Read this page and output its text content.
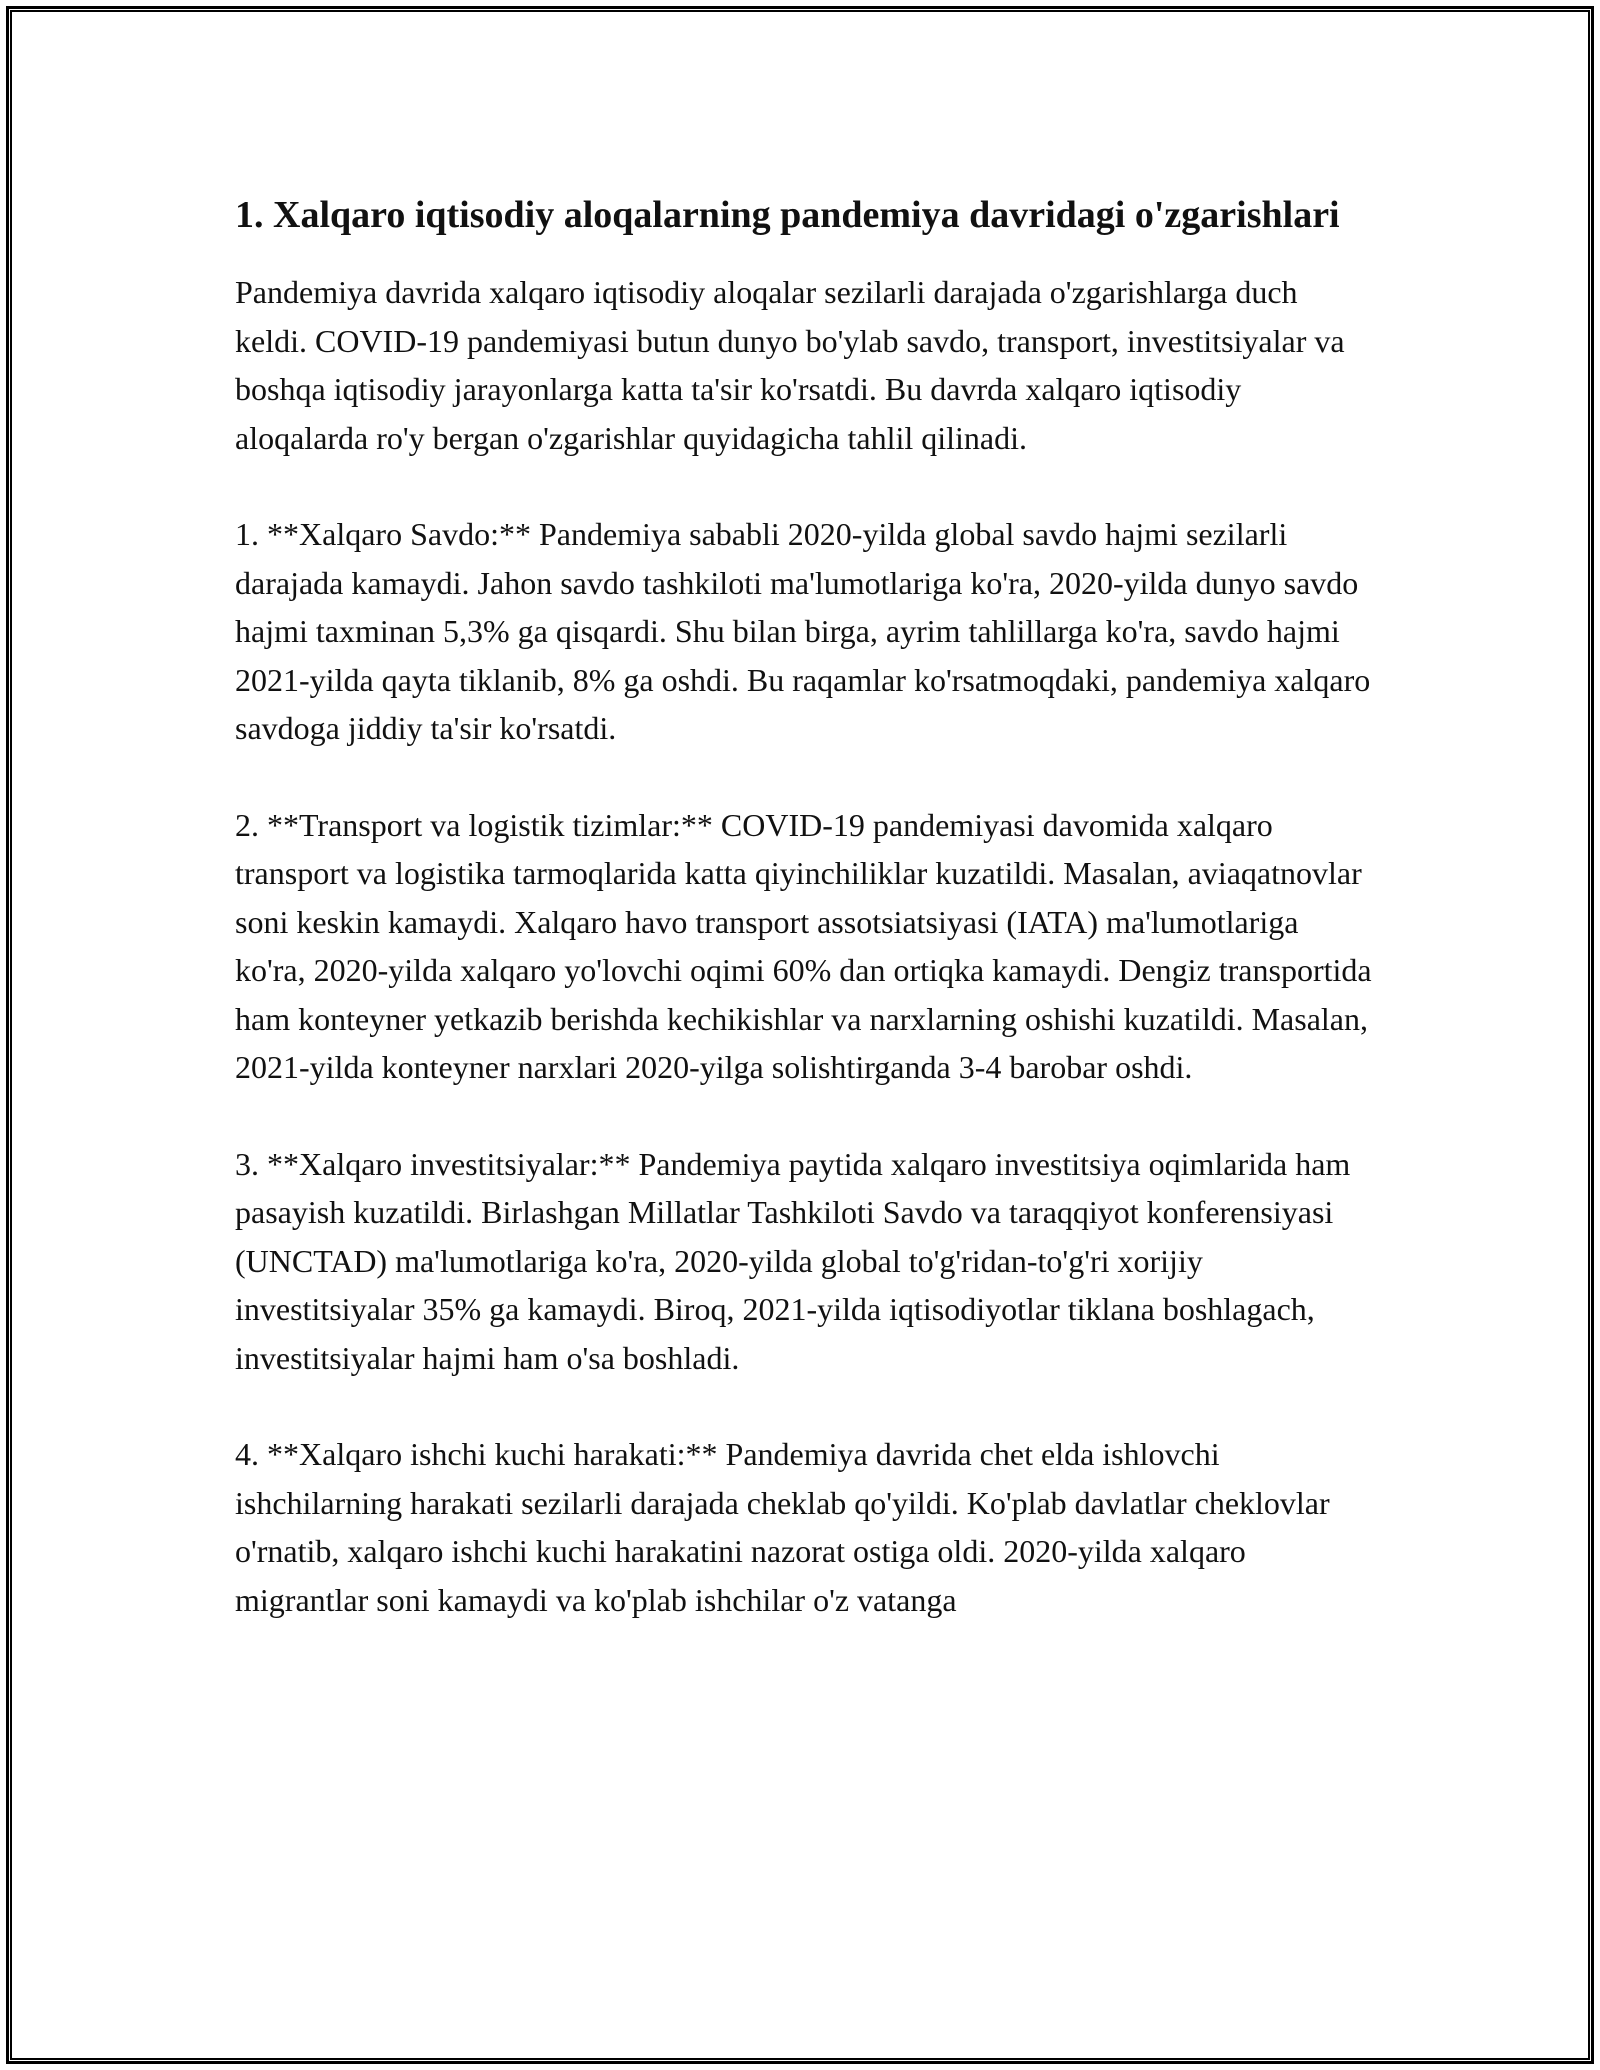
1. Xalqaro iqtisodiy aloqalarning pandemiya davridagi o'zgarishlari

Pandemiya davrida xalqaro iqtisodiy aloqalar sezilarli darajada o'zgarishlarga duch keldi. COVID-19 pandemiyasi butun dunyo bo'ylab savdo, transport, investitsiyalar va boshqa iqtisodiy jarayonlarga katta ta'sir ko'rsatdi. Bu davrda xalqaro iqtisodiy aloqalarda ro'y bergan o'zgarishlar quyidagicha tahlil qilinadi.

1. **Xalqaro Savdo:** Pandemiya sababli 2020-yilda global savdo hajmi sezilarli darajada kamaydi. Jahon savdo tashkiloti ma'lumotlariga ko'ra, 2020-yilda dunyo savdo hajmi taxminan 5,3% ga qisqardi. Shu bilan birga, ayrim tahlillarga ko'ra, savdo hajmi 2021-yilda qayta tiklanib, 8% ga oshdi. Bu raqamlar ko'rsatmoqdaki, pandemiya xalqaro savdoga jiddiy ta'sir ko'rsatdi.

2. **Transport va logistik tizimlar:** COVID-19 pandemiyasi davomida xalqaro transport va logistika tarmoqlarida katta qiyinchiliklar kuzatildi. Masalan, aviaqatnovlar soni keskin kamaydi. Xalqaro havo transport assotsiatsiyasi (IATA) ma'lumotlariga ko'ra, 2020-yilda xalqaro yo'lovchi oqimi 60% dan ortiqka kamaydi. Dengiz transportida ham konteyner yetkazib berishda kechikishlar va narxlarning oshishi kuzatildi. Masalan, 2021-yilda konteyner narxlari 2020-yilga solishtirganda 3-4 barobar oshdi.

3. **Xalqaro investitsiyalar:** Pandemiya paytida xalqaro investitsiya oqimlarida ham pasayish kuzatildi. Birlashgan Millatlar Tashkiloti Savdo va taraqqiyot konferensiyasi (UNCTAD) ma'lumotlariga ko'ra, 2020-yilda global to'g'ridan-to'g'ri xorijiy investitsiyalar 35% ga kamaydi. Biroq, 2021-yilda iqtisodiyotlar tiklana boshlagach, investitsiyalar hajmi ham o'sa boshladi.

4. **Xalqaro ishchi kuchi harakati:** Pandemiya davrida chet elda ishlovchi ishchilarning harakati sezilarli darajada cheklab qo'yildi. Ko'plab davlatlar cheklovlar o'rnatib, xalqaro ishchi kuchi harakatini nazorat ostiga oldi. 2020-yilda xalqaro migrantlar soni kamaydi va ko'plab ishchilar o'z vatanga
